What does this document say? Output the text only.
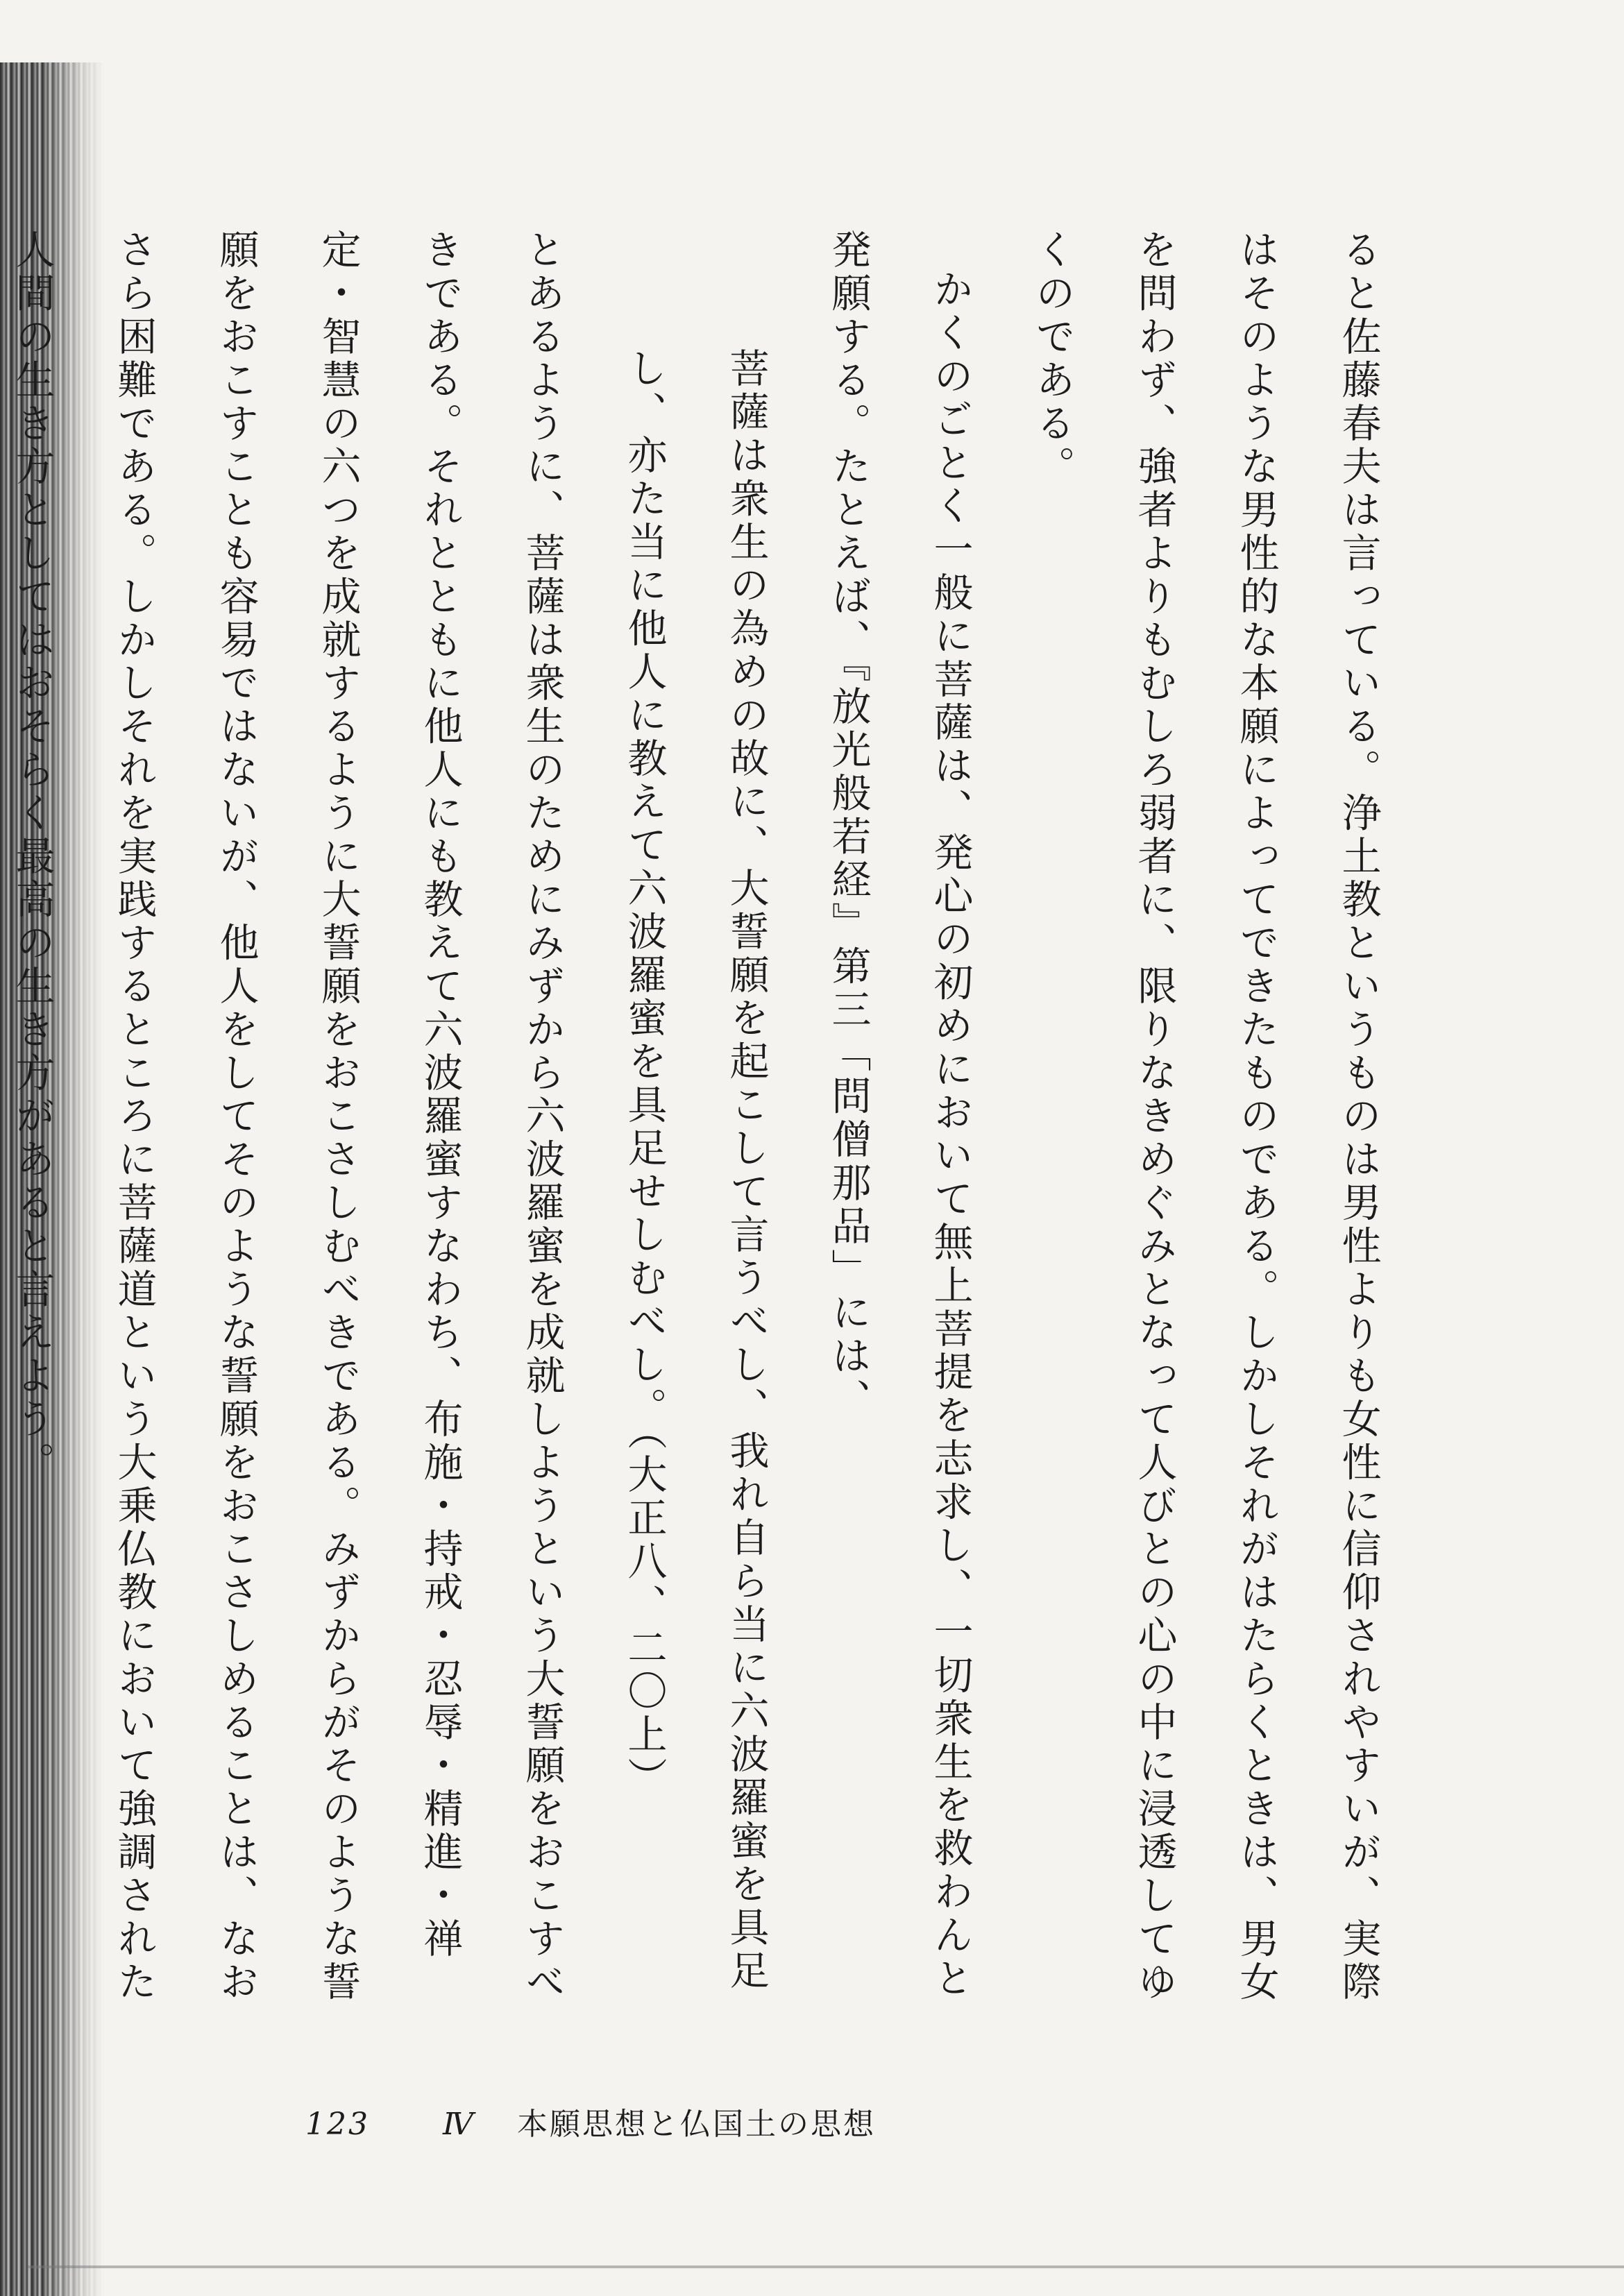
ると佐藤春夫は言っている。浄土教というものは男性よりも女性に信仰されやすいが、実際はそのような男性的な本願によってできたものである。しかしそれがはたらくときは、男女を問わず、強者よりもむしろ弱者に、限りなきめぐみとなって人びとの心の中に浸透してゆくのである。

かくのごとく一般に菩薩は、発心の初めにおいて無上菩提を志求し、一切衆生を救わんと発願する。たとえば、『放光般若経』第三「問僧那品」には、

菩薩は衆生の為めの故に、大誓願を起こして言うべし、我れ自ら当に六波羅蜜を具足し、亦た当に他人に教えて六波羅蜜を具足せしむべし。（大正八、二〇上）

とあるように、菩薩は衆生のためにみずから六波羅蜜を成就しようという大誓願をおこすべきである。それとともに他人にも教えて六波羅蜜すなわち、布施・持戒・忍辱・精進・禅定・智慧の六つを成就するように大誓願をおこさしむべきである。みずからがそのような誓願をおこすことも容易ではないが、他人をしてそのような誓願をおこさしめることは、なおさら困難である。しかしそれを実践するところに菩薩道という大乗仏教において強調された人間の生き方としてはおそらく最高の生き方があると言えよう。

123 Ⅳ 本願思想と仏国土の思想
